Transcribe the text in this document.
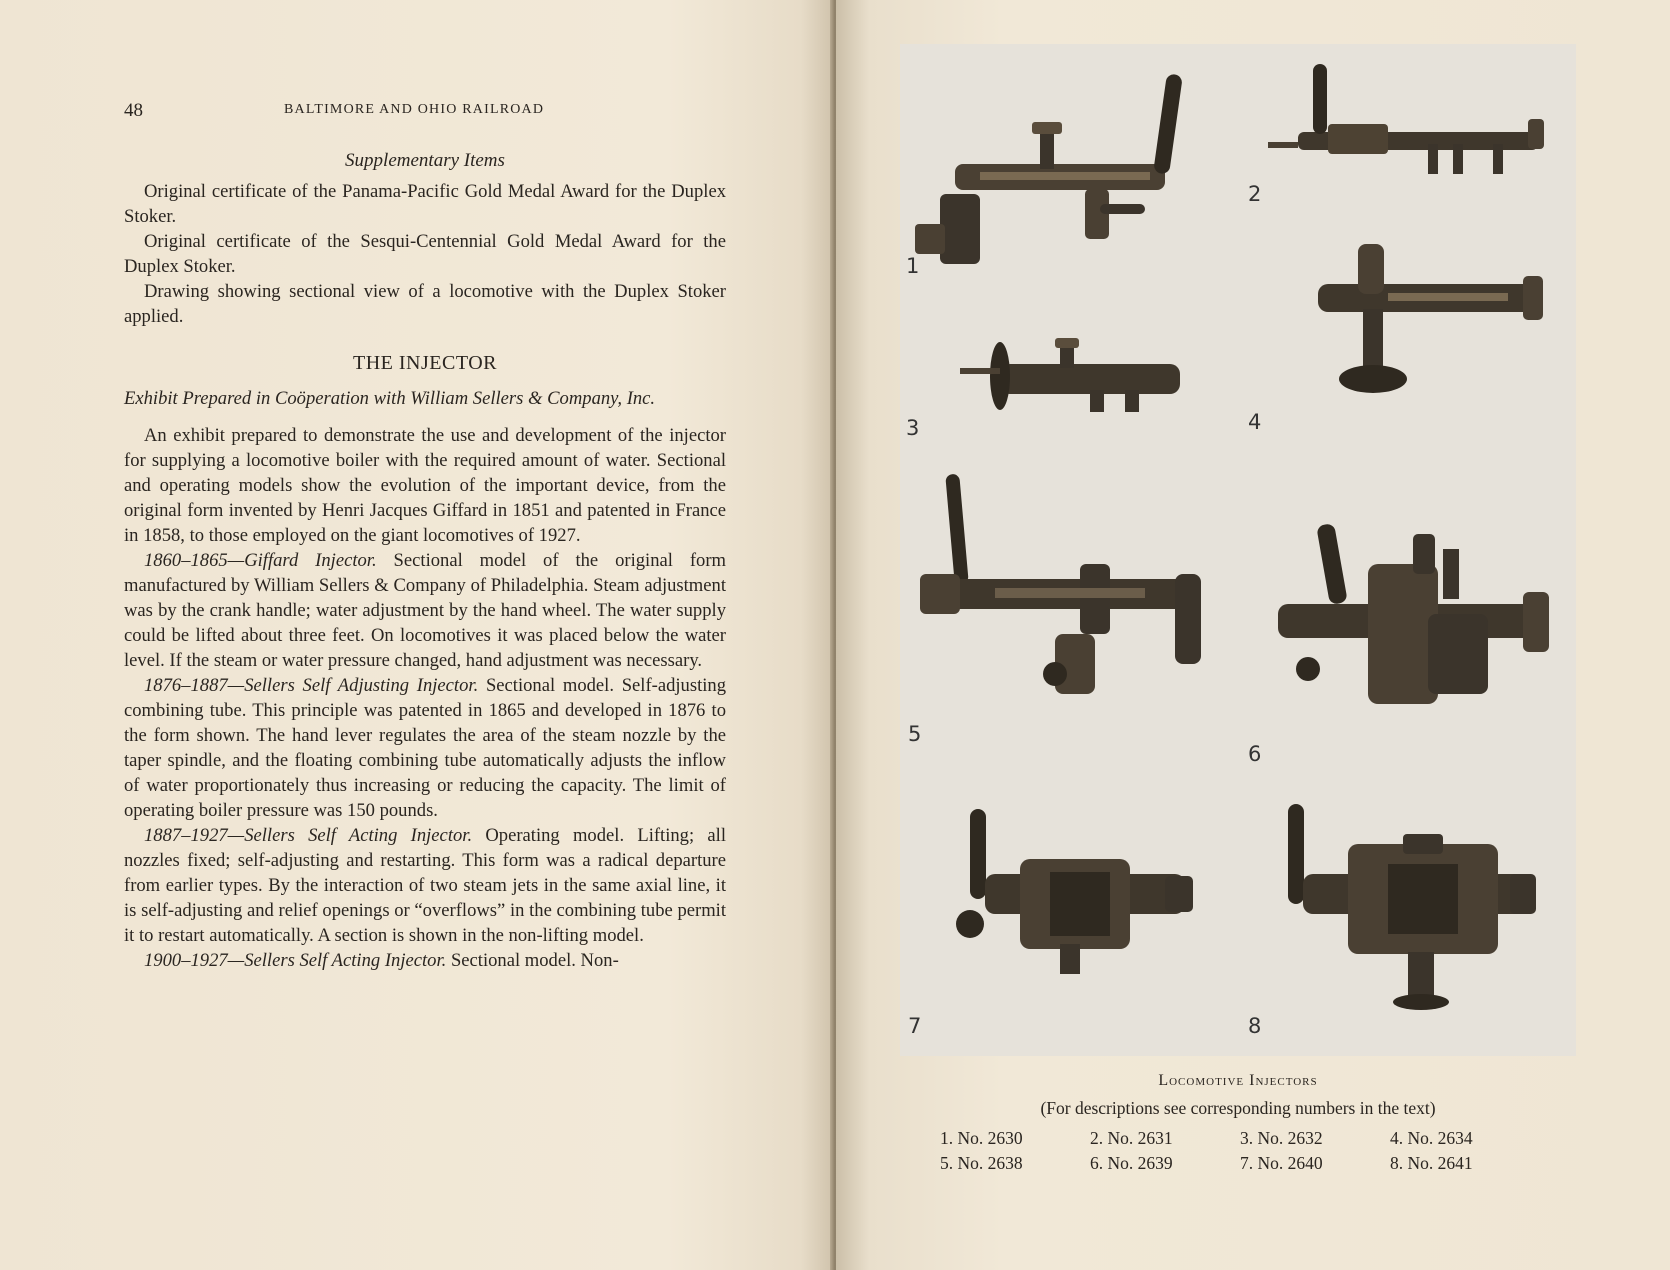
48	BALTIMORE AND OHIO RAILROAD

Supplementary Items

Original certificate of the Panama-Pacific Gold Medal Award for the Duplex Stoker.

Original certificate of the Sesqui-Centennial Gold Medal Award for the Duplex Stoker.

Drawing showing sectional view of a locomotive with the Duplex Stoker applied.

THE INJECTOR

Exhibit Prepared in Coöperation with William Sellers & Company, Inc.

An exhibit prepared to demonstrate the use and development of the injector for supplying a locomotive boiler with the required amount of water. Sectional and operating models show the evolution of the important device, from the original form invented by Henri Jacques Giffard in 1851 and patented in France in 1858, to those employed on the giant locomotives of 1927.

1860–1865—Giffard Injector. Sectional model of the original form manufactured by William Sellers & Company of Philadelphia. Steam adjustment was by the crank handle; water adjustment by the hand wheel. The water supply could be lifted about three feet. On locomotives it was placed below the water level. If the steam or water pressure changed, hand adjustment was necessary.

1876–1887—Sellers Self Adjusting Injector. Sectional model. Self-adjusting combining tube. This principle was patented in 1865 and developed in 1876 to the form shown. The hand lever regulates the area of the steam nozzle by the taper spindle, and the floating combining tube automatically adjusts the inflow of water proportionately thus increasing or reducing the capacity. The limit of operating boiler pressure was 150 pounds.

1887–1927—Sellers Self Acting Injector. Operating model. Lifting; all nozzles fixed; self-adjusting and restarting. This form was a radical departure from earlier types. By the interaction of two steam jets in the same axial line, it is self-adjusting and relief openings or “overflows” in the combining tube permit it to restart automatically. A section is shown in the non-lifting model.

1900–1927—Sellers Self Acting Injector. Sectional model. Non-

1
2
3	4
5
6
7	8
Locomotive Injectors
(For descriptions see corresponding numbers in the text)
1. No. 2630	2. No. 2631	3. No. 2632	4. No. 2634
5. No. 2638	6. No. 2639	7. No. 2640	8. No. 2641
